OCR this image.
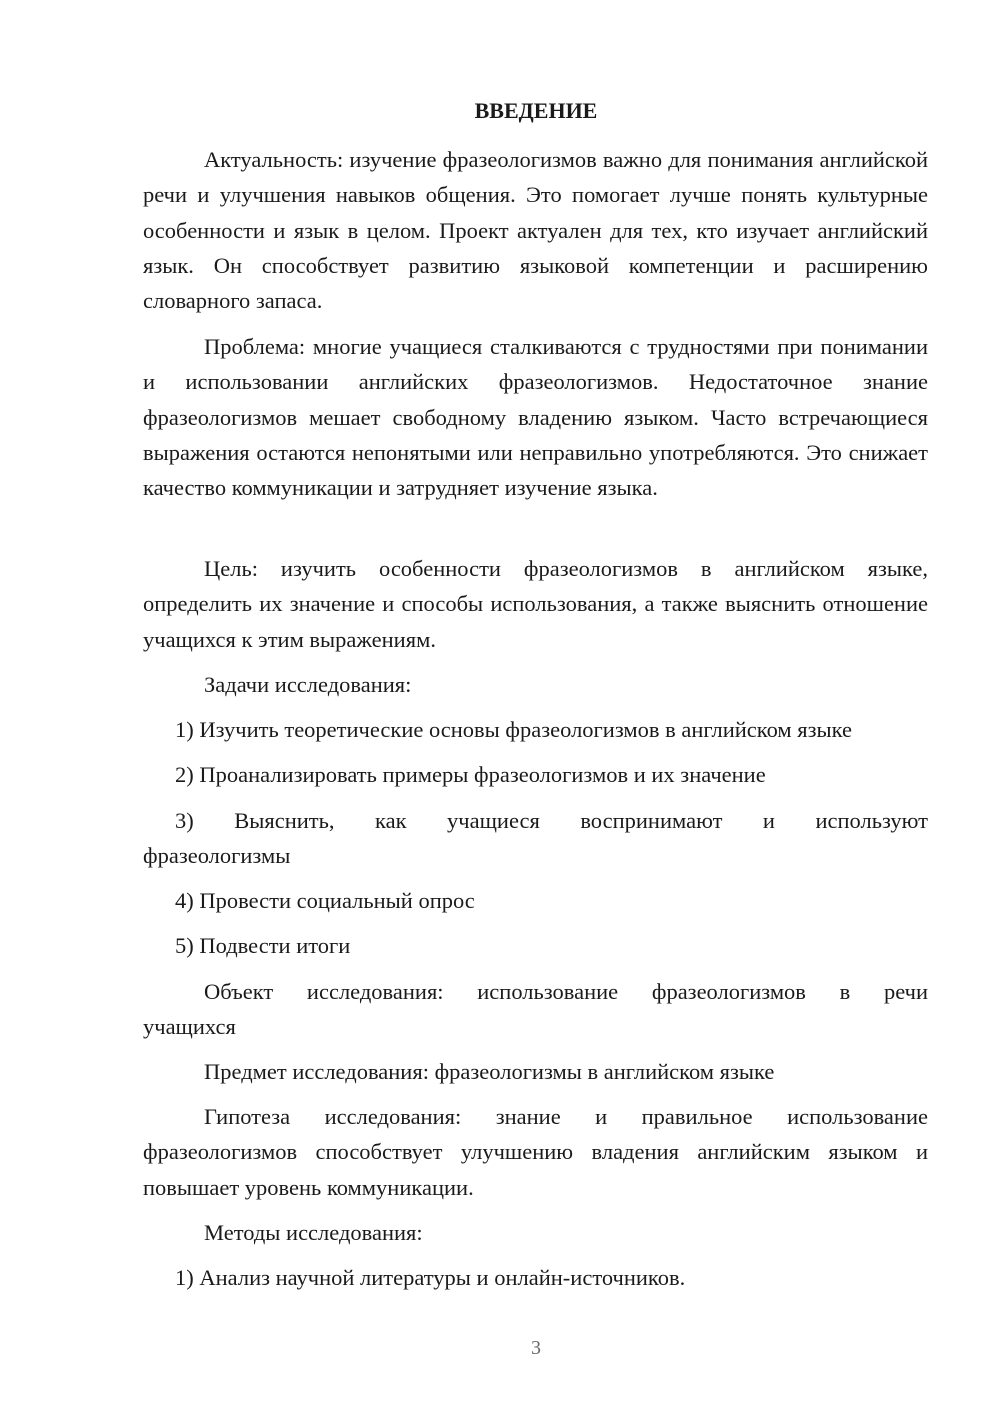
ВВЕДЕНИЕ

Актуальность: изучение фразеологизмов важно для понимания английской речи и улучшения навыков общения. Это помогает лучше понять культурные особенности и язык в целом. Проект актуален для тех, кто изучает английский язык. Он способствует развитию языковой компетенции и расширению словарного запаса.

Проблема: многие учащиеся сталкиваются с трудностями при понимании и использовании английских фразеологизмов. Недостаточное знание фразеологизмов мешает свободному владению языком. Часто встречающиеся выражения остаются непонятыми или неправильно употребляются. Это снижает качество коммуникации и затрудняет изучение языка.

Цель: изучить особенности фразеологизмов в английском языке, определить их значение и способы использования, а также выяснить отношение учащихся к этим выражениям.

Задачи исследования:

1) Изучить теоретические основы фразеологизмов в английском языке

2) Проанализировать примеры фразеологизмов и их значение

3) Выяснить, как учащиеся воспринимают и используют фразеологизмы

4) Провести социальный опрос

5) Подвести итоги

Объект исследования: использование фразеологизмов в речи учащихся

Предмет исследования: фразеологизмы в английском языке

Гипотеза исследования: знание и правильное использование фразеологизмов способствует улучшению владения английским языком и повышает уровень коммуникации.

Методы исследования:

1) Анализ научной литературы и онлайн-источников.

3
